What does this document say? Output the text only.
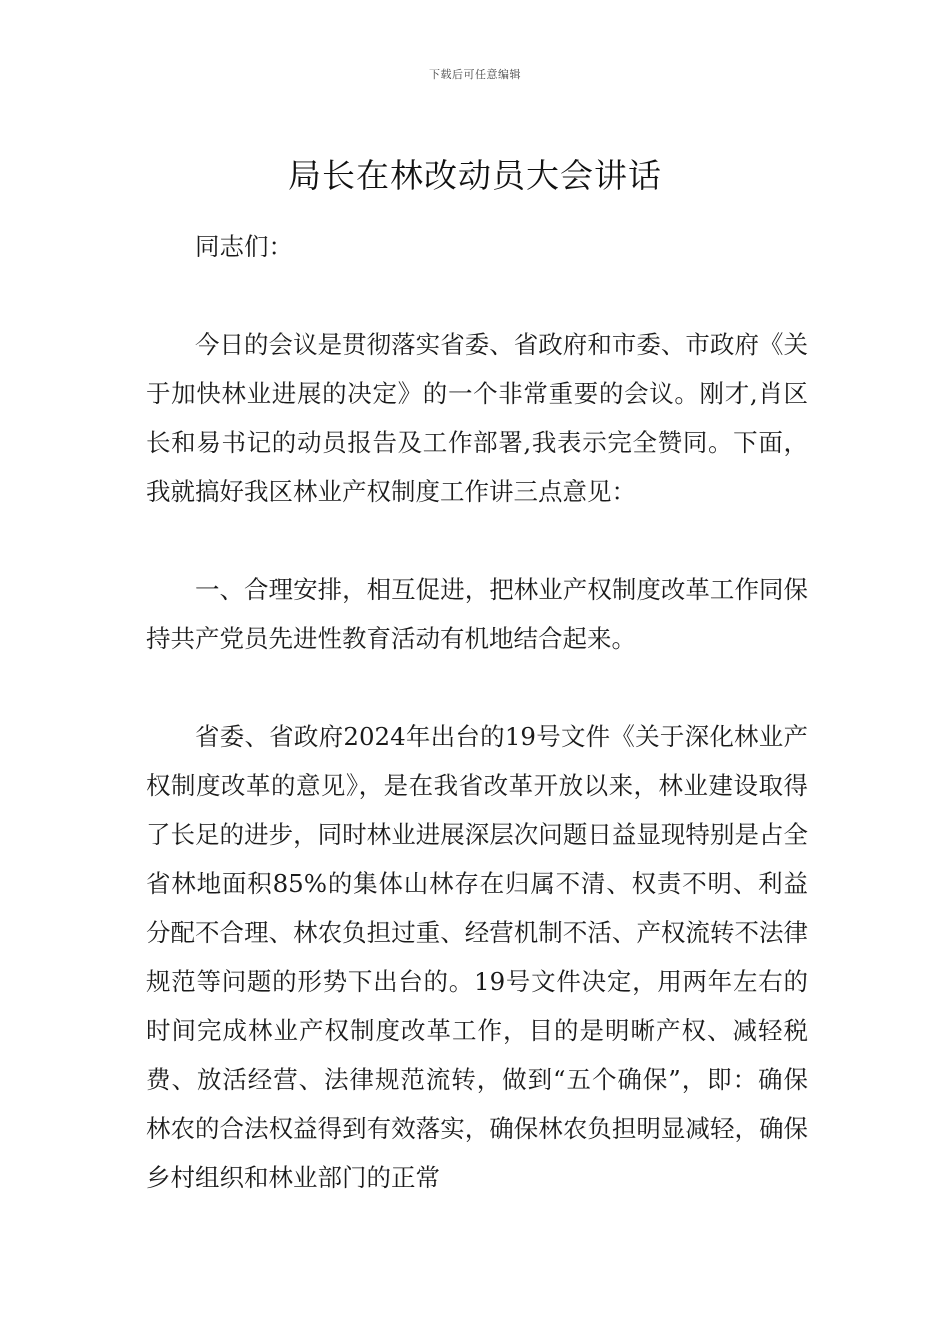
下载后可任意编辑
局长在林改动员大会讲话

同志们：

今日的会议是贯彻落实省委、省政府和市委、市政府《关于加快林业进展的决定》的一个非常重要的会议。刚才,肖区长和易书记的动员报告及工作部署,我表示完全赞同。下面，我就搞好我区林业产权制度工作讲三点意见：

一、合理安排，相互促进，把林业产权制度改革工作同保持共产党员先进性教育活动有机地结合起来。

省委、省政府2024年出台的19号文件《关于深化林业产权制度改革的意见》，是在我省改革开放以来，林业建设取得了长足的进步，同时林业进展深层次问题日益显现特别是占全省林地面积85%的集体山林存在归属不清、权责不明、利益分配不合理、林农负担过重、经营机制不活、产权流转不法律规范等问题的形势下出台的。19号文件决定，用两年左右的时间完成林业产权制度改革工作，目的是明晰产权、减轻税费、放活经营、法律规范流转，做到“五个确保”，即：确保林农的合法权益得到有效落实，确保林农负担明显减轻，确保乡村组织和林业部门的正常
